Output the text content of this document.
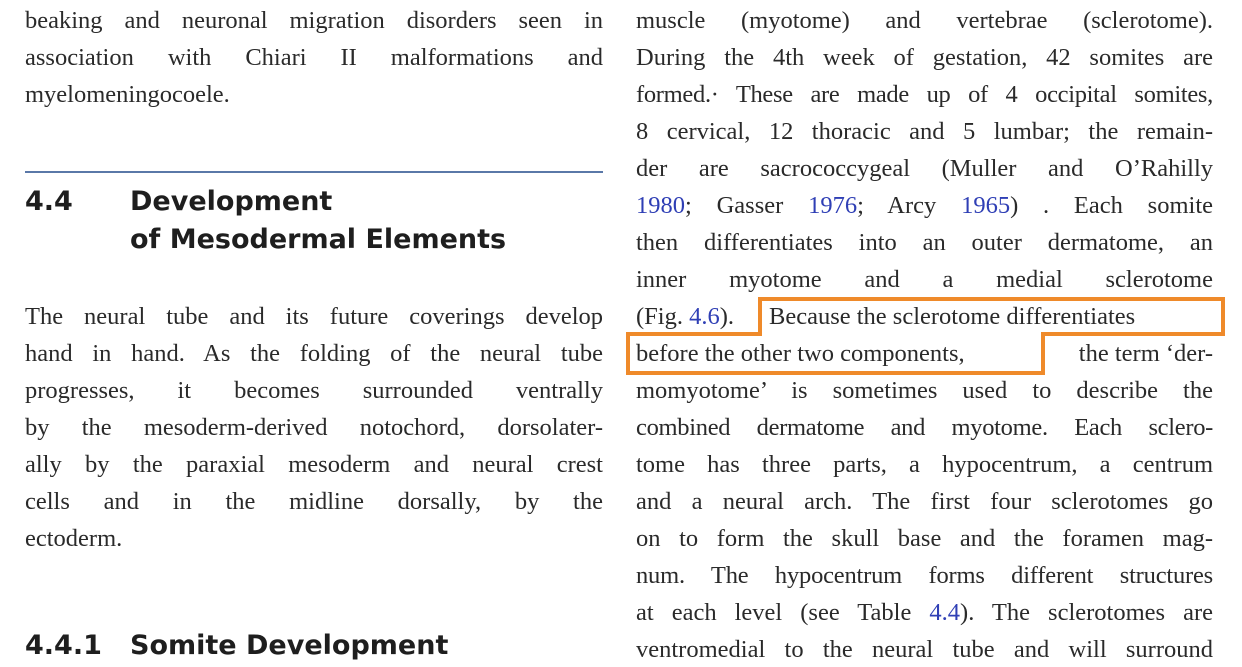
beaking and neuronal migration disorders seen in
association with Chiari II malformations and
myelomeningocoele.
The neural tube and its future coverings develop
hand in hand. As the folding of the neural tube
progresses, it becomes surrounded ventrally
by the mesoderm-derived notochord, dorsolater-
ally by the paraxial mesoderm and neural crest
cells and in the midline dorsally, by the
ectoderm.
4.4 Development
of Mesodermal Elements
4.4.1 Somite Development
muscle (myotome) and vertebrae (sclerotome).
During the 4th week of gestation, 42 somites are
formed.· These are made up of 4 occipital somites,
8 cervical, 12 thoracic and 5 lumbar; the remain-
der are sacrococcygeal (Muller and O’Rahilly
1980; Gasser 1976; Arcy 1965) . Each somite
then differentiates into an outer dermatome, an
inner myotome and a medial sclerotome
(Fig. 4.6). Because the sclerotome differentiates
before the other two components,	the term ‘der-
momyotome’ is sometimes used to describe the
combined dermatome and myotome. Each sclero-
tome has three parts, a hypocentrum, a centrum
and a neural arch. The first four sclerotomes go
on to form the skull base and the foramen mag-
num. The hypocentrum forms different structures
at each level (see Table 4.4). The sclerotomes are
ventromedial to the neural tube and will surround
